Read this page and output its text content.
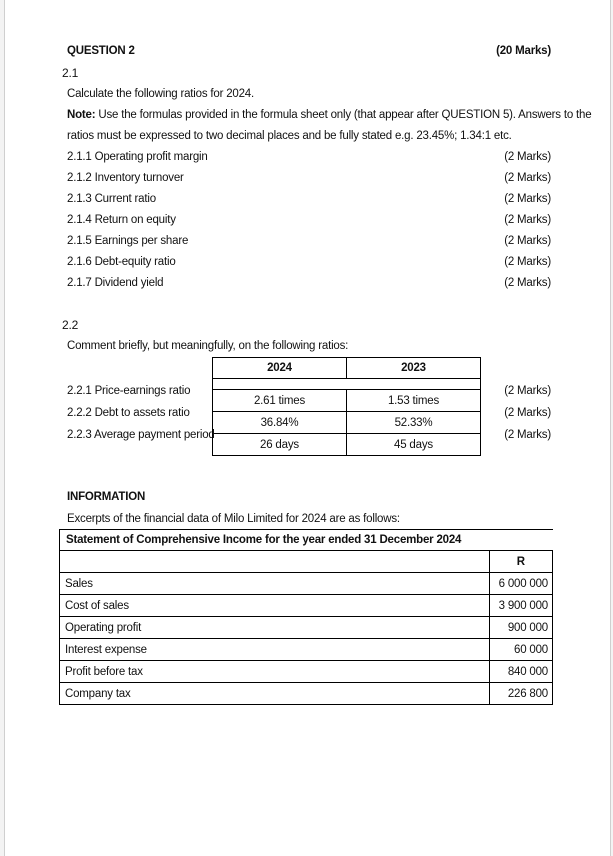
QUESTION 2	(20 Marks)
2.1
Calculate the following ratios for 2024.
Note: Use the formulas provided in the formula sheet only (that appear after QUESTION 5). Answers to the
ratios must be expressed to two decimal places and be fully stated e.g. 23.45%; 1.34:1 etc.
2.1.1 Operating profit margin	(2 Marks)
2.1.2 Inventory turnover	(2 Marks)
2.1.3 Current ratio	(2 Marks)
2.1.4 Return on equity	(2 Marks)
2.1.5 Earnings per share	(2 Marks)
2.1.6 Debt-equity ratio	(2 Marks)
2.1.7 Dividend yield	(2 Marks)
2.2
Comment briefly, but meaningfully, on the following ratios:
2024	2023

2.61 times	1.53 times
36.84%	52.33%
26 days	45 days
2.2.1 Price-earnings ratio	(2 Marks)
2.2.2 Debt to assets ratio	(2 Marks)
2.2.3 Average payment period	(2 Marks)
INFORMATION
Excerpts of the financial data of Milo Limited for 2024 are as follows:
Statement of Comprehensive Income for the year ended 31 December 2024	
	R
Sales	6 000 000
Cost of sales	3 900 000
Operating profit	900 000
Interest expense	60 000
Profit before tax	840 000
Company tax	226 800
